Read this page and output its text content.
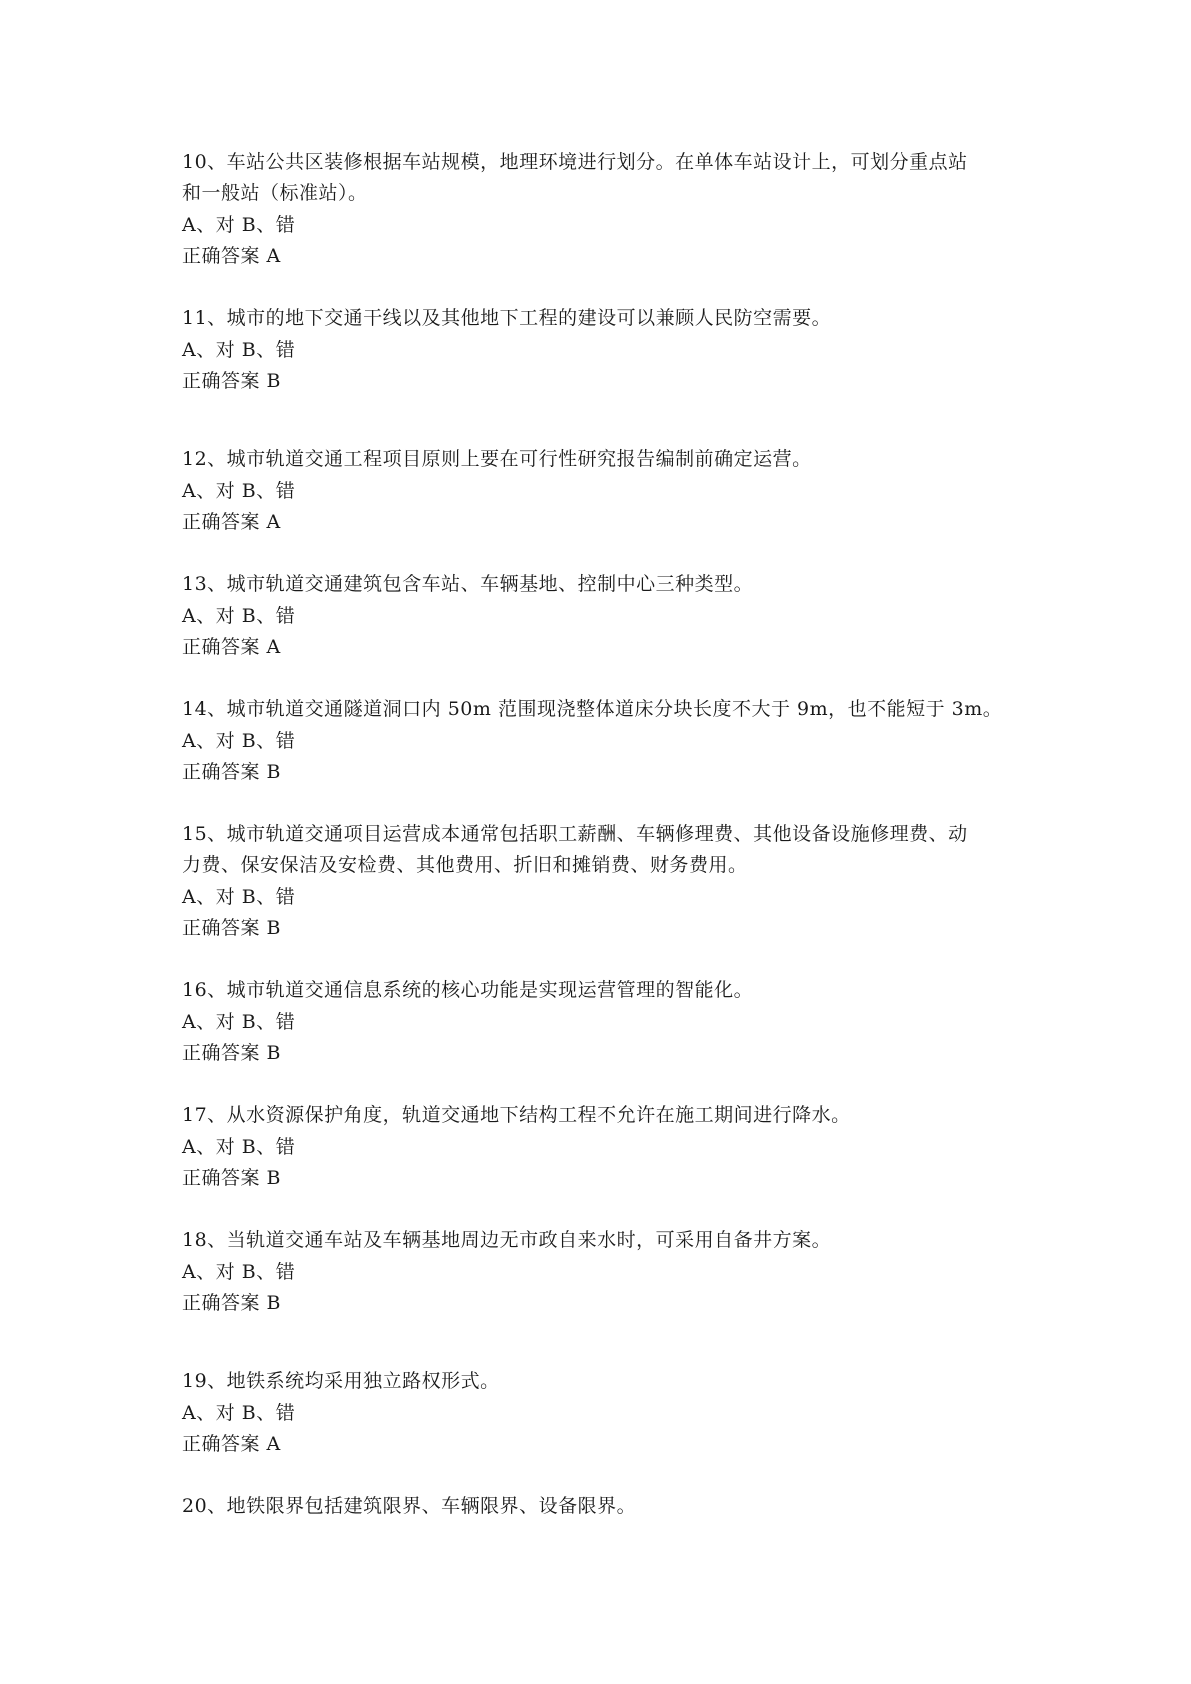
10、车站公共区装修根据车站规模，地理环境进行划分。在单体车站设计上，可划分重点站
和一般站（标准站）。
A、对 B、错
正确答案 A
11、城市的地下交通干线以及其他地下工程的建设可以兼顾人民防空需要。
A、对 B、错
正确答案 B
12、城市轨道交通工程项目原则上要在可行性研究报告编制前确定运营。
A、对 B、错
正确答案 A
13、城市轨道交通建筑包含车站、车辆基地、控制中心三种类型。
A、对 B、错
正确答案 A
14、城市轨道交通隧道洞口内 50m 范围现浇整体道床分块长度不大于 9m，也不能短于 3m。
A、对 B、错
正确答案 B
15、城市轨道交通项目运营成本通常包括职工薪酬、车辆修理费、其他设备设施修理费、动
力费、保安保洁及安检费、其他费用、折旧和摊销费、财务费用。
A、对 B、错
正确答案 B
16、城市轨道交通信息系统的核心功能是实现运营管理的智能化。
A、对 B、错
正确答案 B
17、从水资源保护角度，轨道交通地下结构工程不允许在施工期间进行降水。
A、对 B、错
正确答案 B
18、当轨道交通车站及车辆基地周边无市政自来水时，可采用自备井方案。
A、对 B、错
正确答案 B
19、地铁系统均采用独立路权形式。
A、对 B、错
正确答案 A
20、地铁限界包括建筑限界、车辆限界、设备限界。
